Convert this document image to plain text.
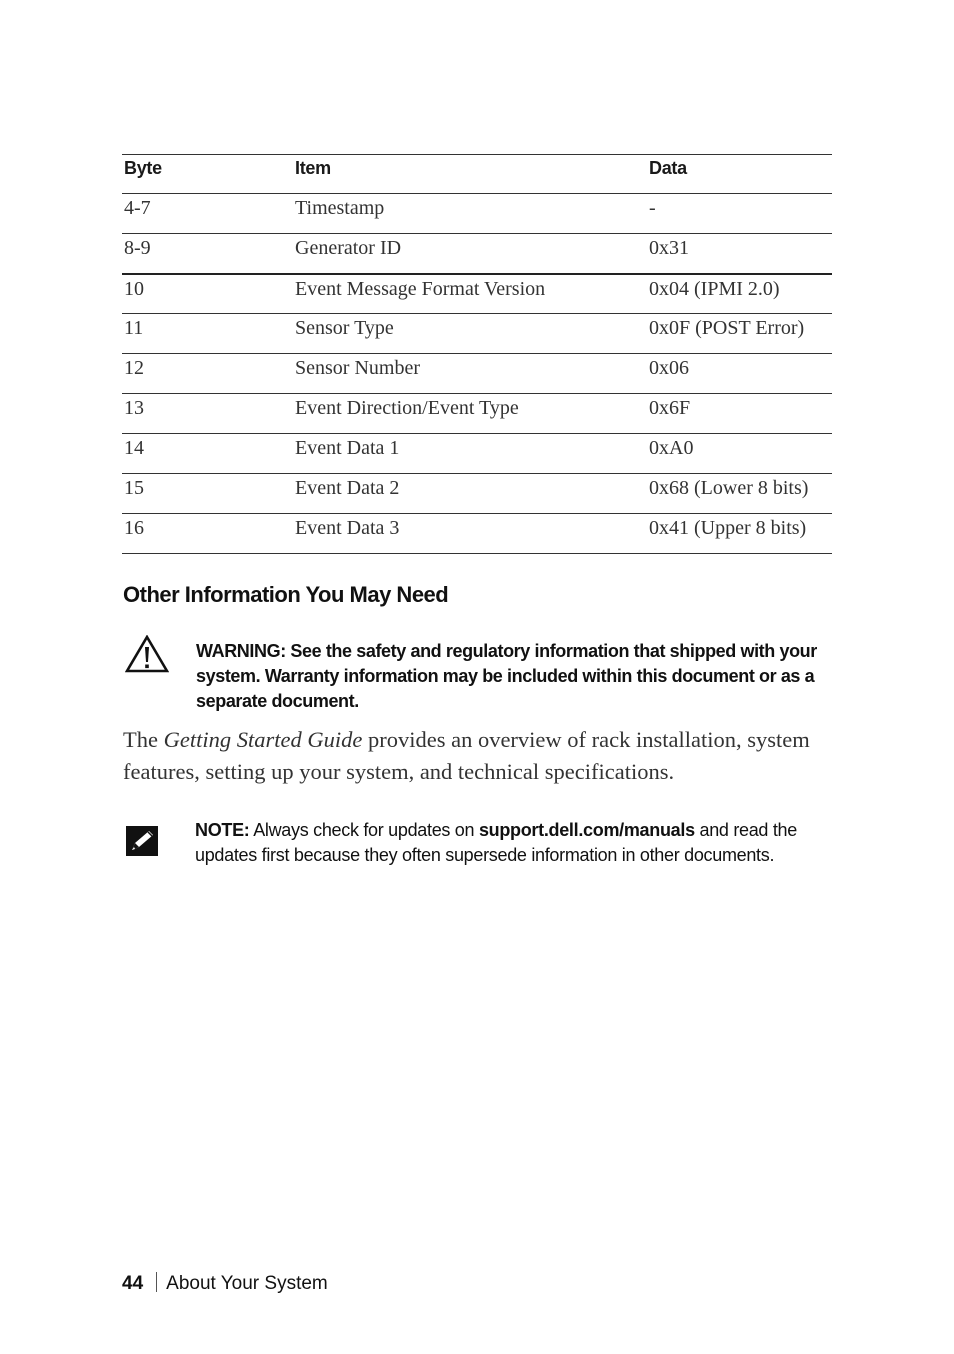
Byte	Item	Data
4-7	Timestamp	-
8-9	Generator ID	0x31
10	Event Message Format Version	0x04 (IPMI 2.0)
11	Sensor Type	0x0F (POST Error)
12	Sensor Number	0x06
13	Event Direction/Event Type	0x6F
14	Event Data 1	0xA0
15	Event Data 2	0x68 (Lower 8 bits)
16	Event Data 3	0x41 (Upper 8 bits)
Other Information You May Need

WARNING: See the safety and regulatory information that shipped with your system. Warranty information may be included within this document or as a separate document.

The Getting Started Guide provides an overview of rack installation, system features, setting up your system, and technical specifications.

NOTE: Always check for updates on support.dell.com/manuals and read the updates first because they often supersede information in other documents.

44 About Your System
